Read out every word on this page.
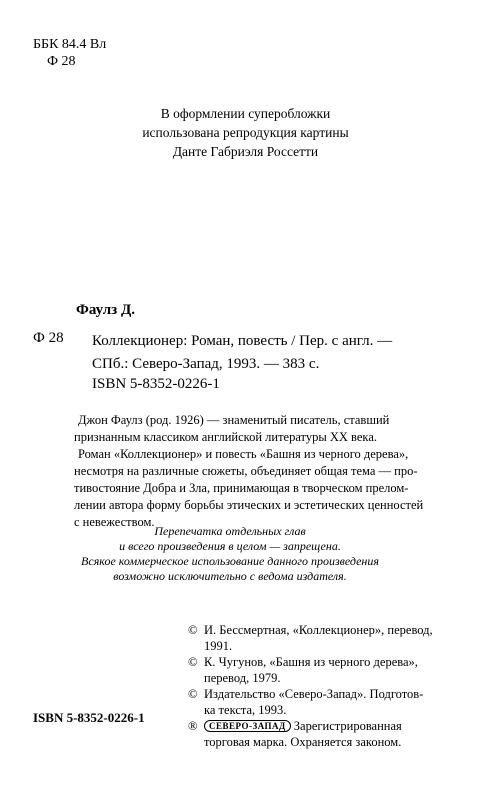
ББК 84.4 Вл
Ф 28
В оформлении суперобложки
использована репродукция картины
Данте Габриэля Россетти
Фаулз Д.
Ф 28 Коллекционер: Роман, повесть / Пер. с англ. —
СПб.: Северо-Запад, 1993. — 383 с.
ISBN 5-8352-0226-1
Джон Фаулз (род. 1926) — знаменитый писатель, ставший
признанным классиком английской литературы XX века.
Роман «Коллекционер» и повесть «Башня из черного дерева»,
несмотря на различные сюжеты, объединяет общая тема — про-
тивостояние Добра и Зла, принимающая в творческом прелом-
лении автора форму борьбы этических и эстетических ценностей
с невежеством.
Перепечатка отдельных глав
и всего произведения в целом — запрещена.
Всякое коммерческое использование данного произведения
возможно исключительно с ведома издателя.
© И. Бессмертная, «Коллекционер», перевод,
1991.
© К. Чугунов, «Башня из черного дерева»,
перевод, 1979.
© Издательство «Северо-Запад». Подготов-
ка текста, 1993.
®	СЕВЕРО-ЗАПАД Зарегистрированная
торговая марка. Охраняется законом.
ISBN 5-8352-0226-1
